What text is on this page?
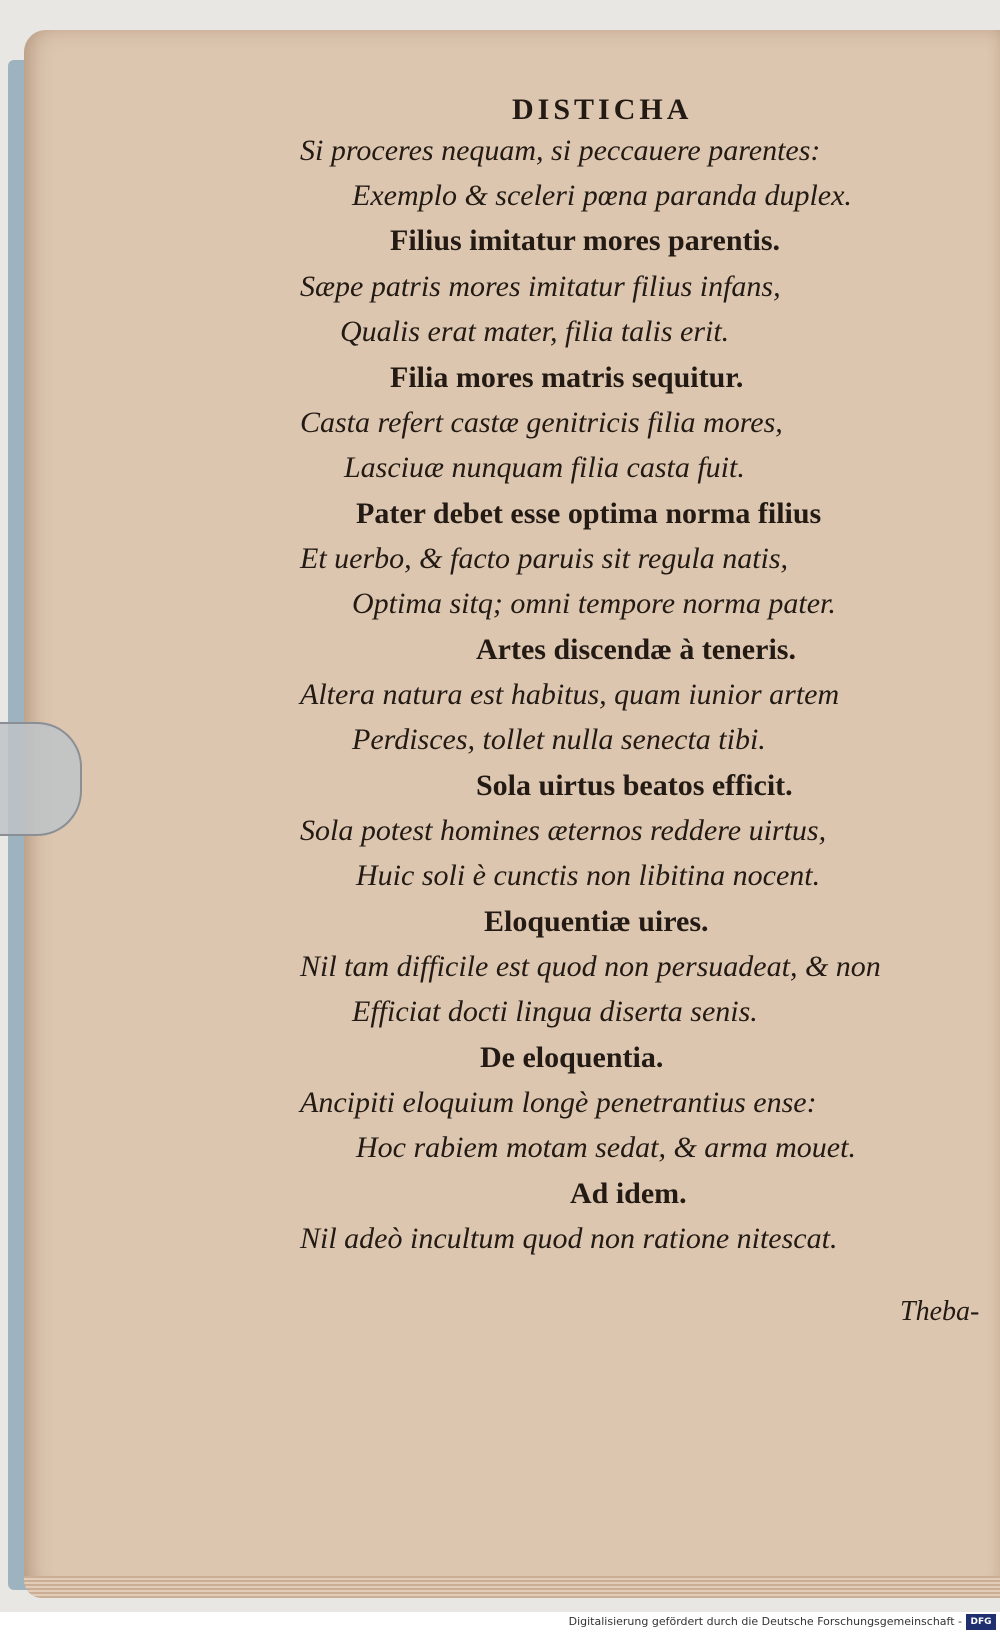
DISTICHA
Si proceres nequam, si peccauere parentes:
Exemplo & sceleri pœna paranda duplex.
Filius imitatur mores parentis.
Sæpe patris mores imitatur filius infans,
Qualis erat mater, filia talis erit.
Filia mores matris sequitur.
Casta refert castæ genitricis filia mores,
Lasciuæ nunquam filia casta fuit.
Pater debet esse optima norma filius
Et uerbo, & facto paruis sit regula natis,
Optima sitq; omni tempore norma pater.
Artes discendæ à teneris.
Altera natura est habitus, quam iunior artem
Perdisces, tollet nulla senecta tibi.
Sola uirtus beatos efficit.
Sola potest homines æternos reddere uirtus,
Huic soli è cunctis non libitina nocent.
Eloquentiæ uires.
Nil tam difficile est quod non persuadeat, & non
Efficiat docti lingua diserta senis.
De eloquentia.
Ancipiti eloquium longè penetrantius ense:
Hoc rabiem motam sedat, & arma mouet.
Ad idem.
Nil adeò incultum quod non ratione nitescat.
Theba-
Digitalisierung gefördert durch die Deutsche Forschungsgemeinschaft - DFG
